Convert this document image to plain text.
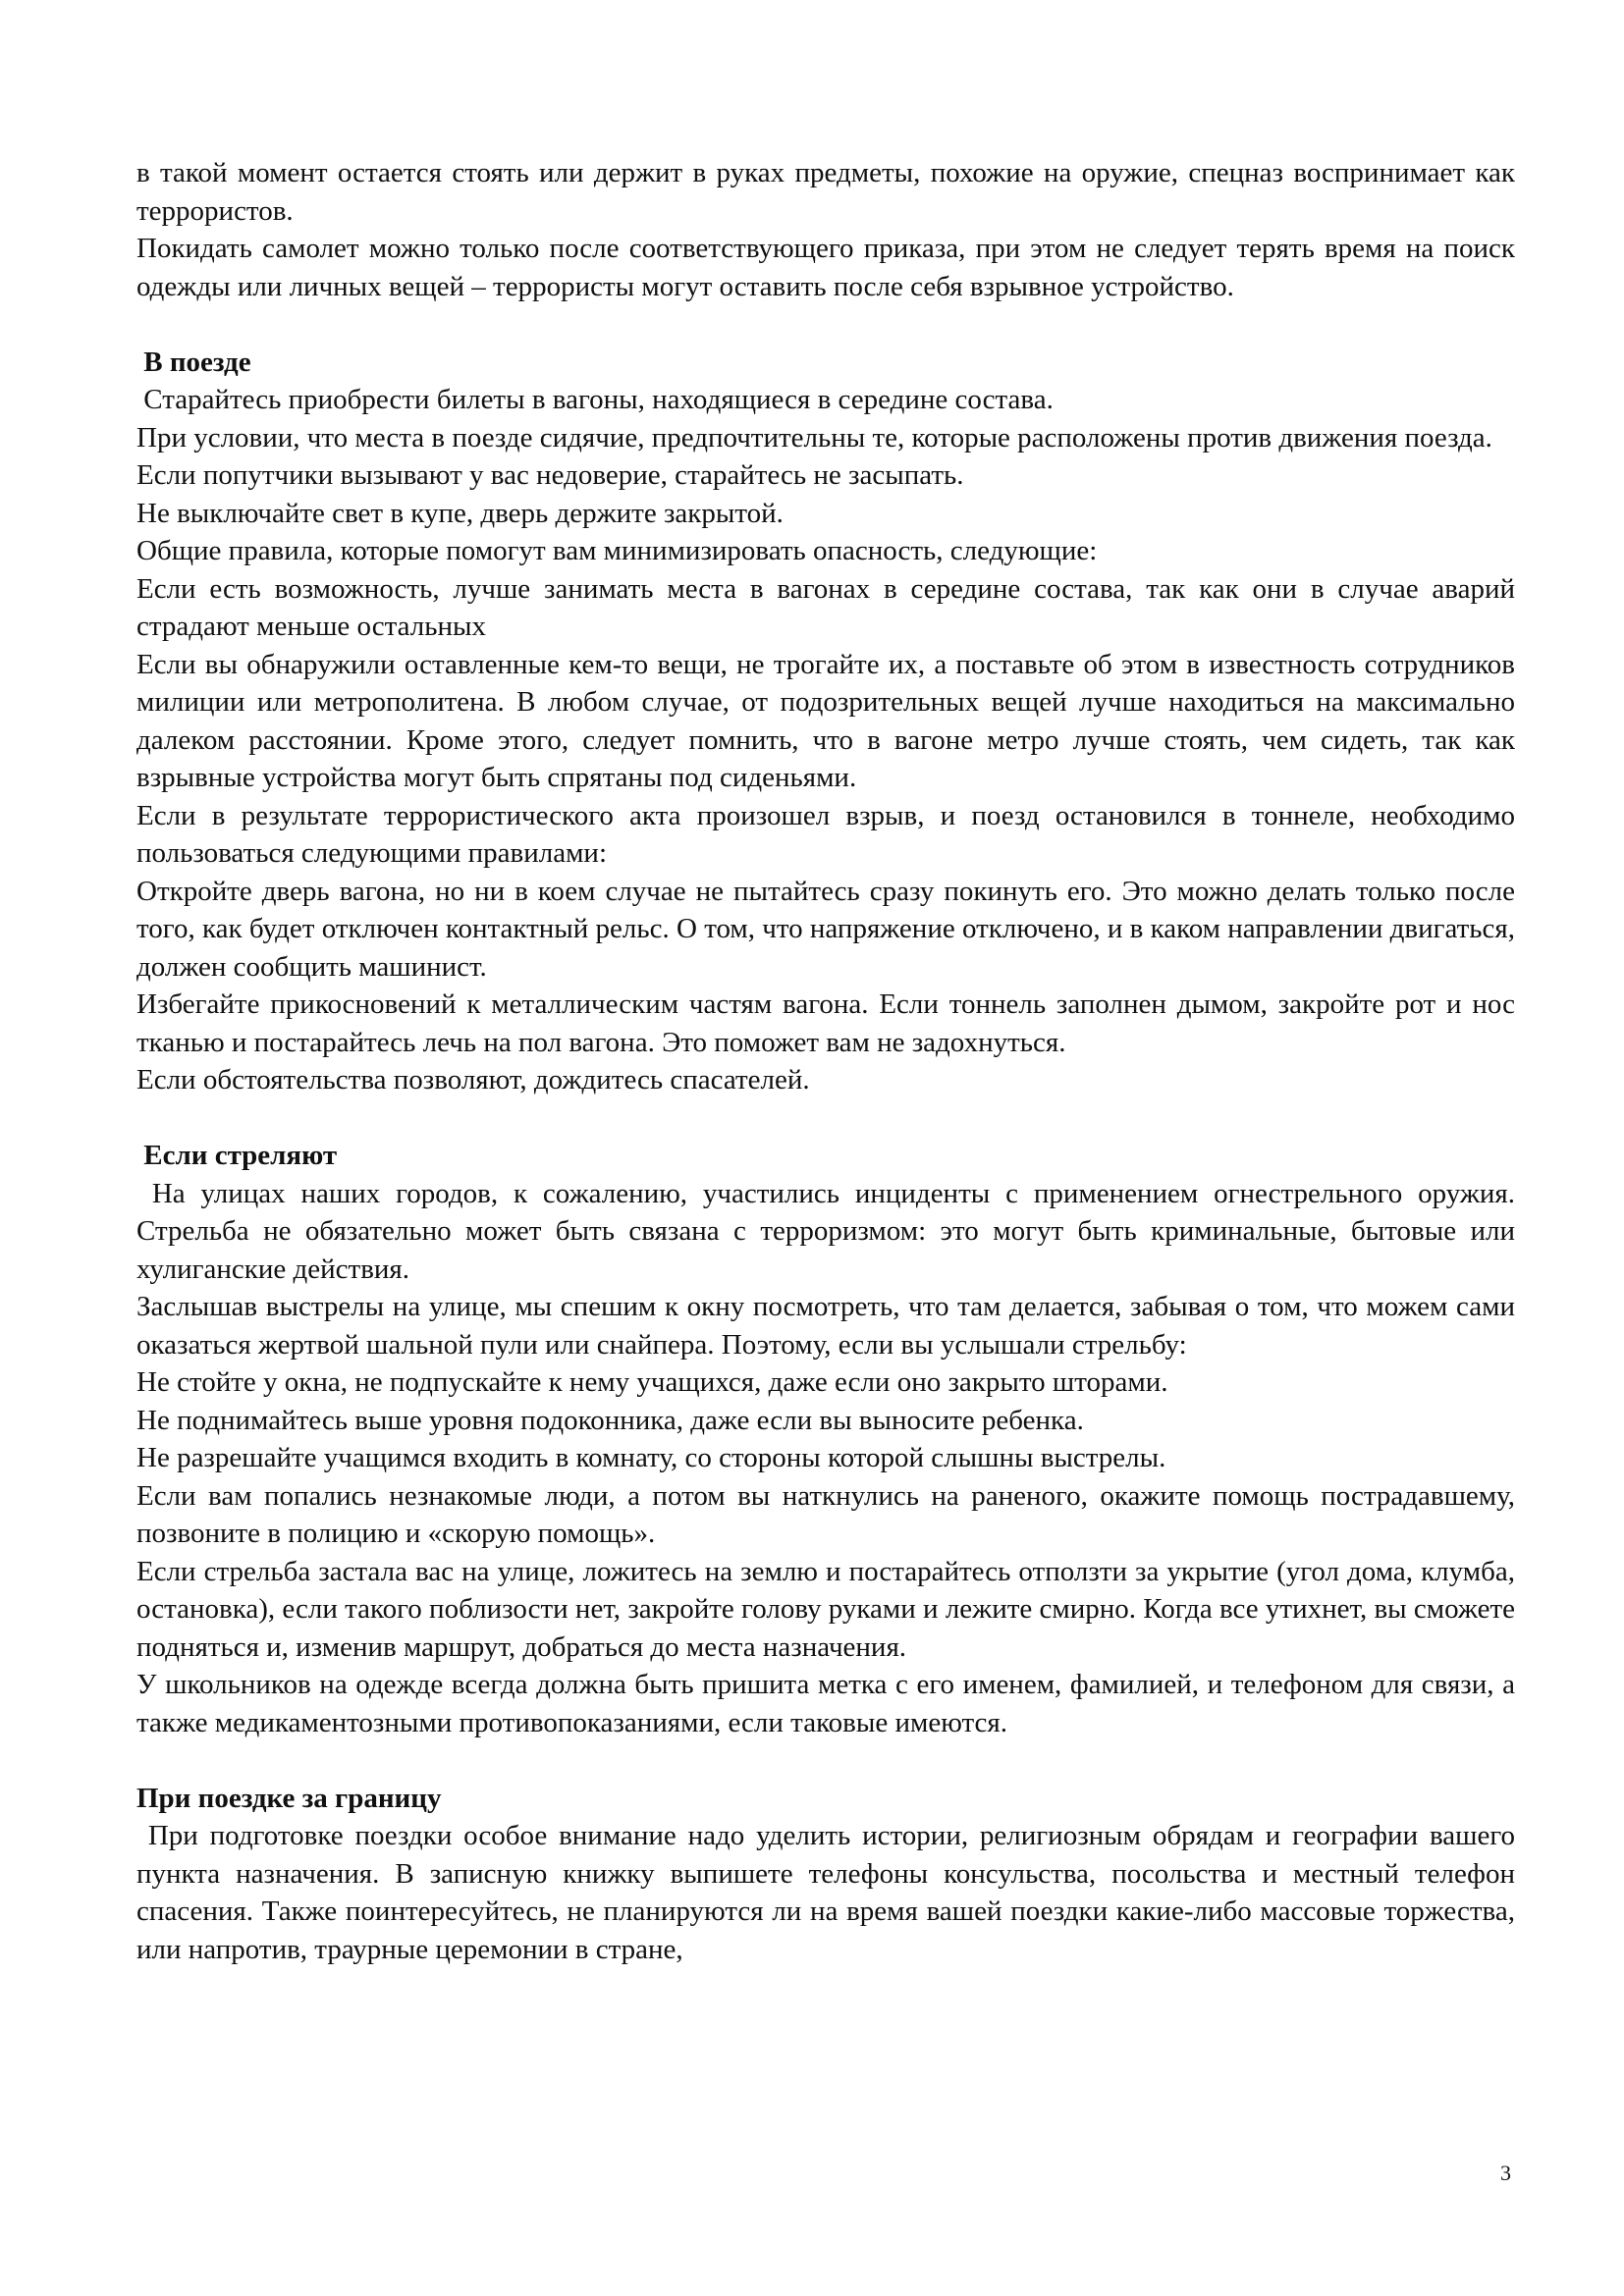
в такой момент остается стоять или держит в руках предметы, похожие на оружие, спецназ воспринимает как террористов.

Покидать самолет можно только после соответствующего приказа, при этом не следует терять время на поиск одежды или личных вещей – террористы могут оставить после себя взрывное устройство.

В поезде

Старайтесь приобрести билеты в вагоны, находящиеся в середине состава.

При условии, что места в поезде сидячие, предпочтительны те, которые расположены против движения поезда.

Если попутчики вызывают у вас недоверие, старайтесь не засыпать.

Не выключайте свет в купе, дверь держите закрытой.

Общие правила, которые помогут вам минимизировать опасность, следующие:

Если есть возможность, лучше занимать места в вагонах в середине состава, так как они в случае аварий страдают меньше остальных

Если вы обнаружили оставленные кем-то вещи, не трогайте их, а поставьте об этом в известность сотрудников милиции или метрополитена. В любом случае, от подозрительных вещей лучше находиться на максимально далеком расстоянии. Кроме этого, следует помнить, что в вагоне метро лучше стоять, чем сидеть, так как взрывные устройства могут быть спрятаны под сиденьями.

Если в результате террористического акта произошел взрыв, и поезд остановился в тоннеле, необходимо пользоваться следующими правилами:

Откройте дверь вагона, но ни в коем случае не пытайтесь сразу покинуть его. Это можно делать только после того, как будет отключен контактный рельс. О том, что напряжение отключено, и в каком направлении двигаться, должен сообщить машинист.

Избегайте прикосновений к металлическим частям вагона. Если тоннель заполнен дымом, закройте рот и нос тканью и постарайтесь лечь на пол вагона. Это поможет вам не задохнуться.

Если обстоятельства позволяют, дождитесь спасателей.

Если стреляют

На улицах наших городов, к сожалению, участились инциденты с применением огнестрельного оружия. Стрельба не обязательно может быть связана с терроризмом: это могут быть криминальные, бытовые или хулиганские действия.

Заслышав выстрелы на улице, мы спешим к окну посмотреть, что там делается, забывая о том, что можем сами оказаться жертвой шальной пули или снайпера. Поэтому, если вы услышали стрельбу:

Не стойте у окна, не подпускайте к нему учащихся, даже если оно закрыто шторами.

Не поднимайтесь выше уровня подоконника, даже если вы выносите ребенка.

Не разрешайте учащимся входить в комнату, со стороны которой слышны выстрелы.

Если вам попались незнакомые люди, а потом вы наткнулись на раненого, окажите помощь пострадавшему, позвоните в полицию и «скорую помощь».

Если стрельба застала вас на улице, ложитесь на землю и постарайтесь отползти за укрытие (угол дома, клумба, остановка), если такого поблизости нет, закройте голову руками и лежите смирно. Когда все утихнет, вы сможете подняться и, изменив маршрут, добраться до места назначения.

У школьников на одежде всегда должна быть пришита метка с его именем, фамилией, и телефоном для связи, а также медикаментозными противопоказаниями, если таковые имеются.

При поездке за границу

При подготовке поездки особое внимание надо уделить истории, религиозным обрядам и географии вашего пункта назначения. В записную книжку выпишете телефоны консульства, посольства и местный телефон спасения. Также поинтересуйтесь, не планируются ли на время вашей поездки какие-либо массовые торжества, или напротив, траурные церемонии в стране,

3
